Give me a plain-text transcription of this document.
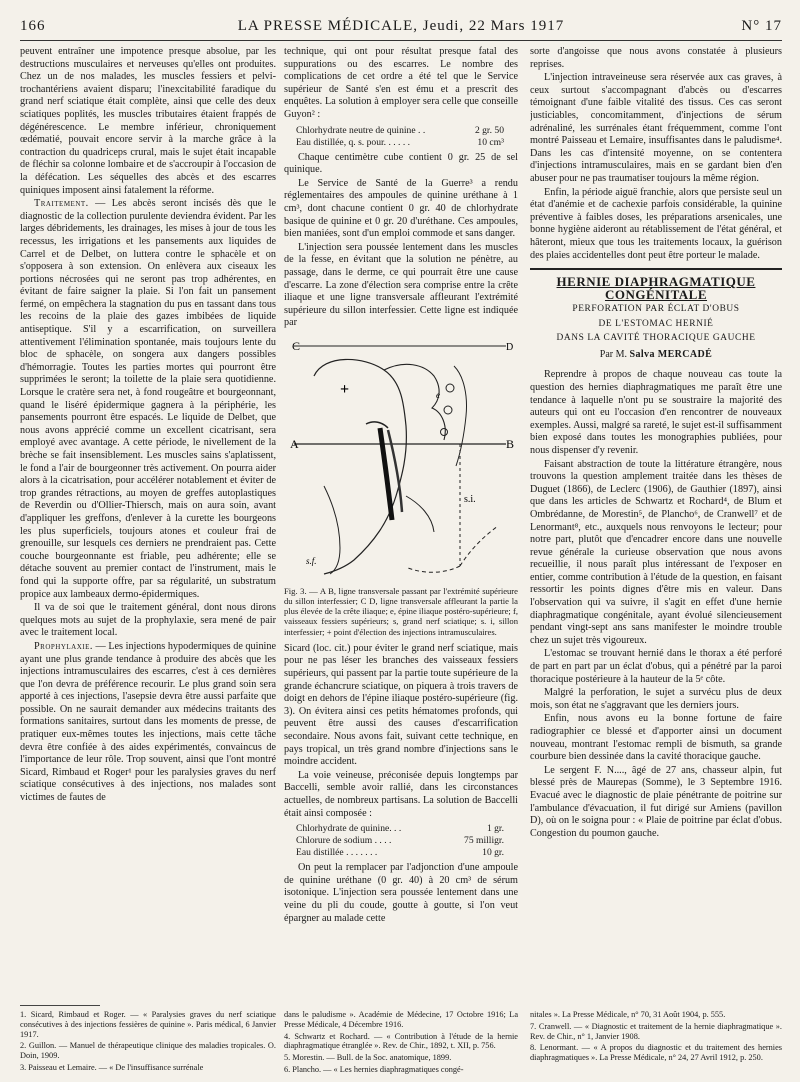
166	LA PRESSE MÉDICALE, Jeudi, 22 Mars 1917	N° 17

peuvent entraîner une impotence presque absolue, par les destructions musculaires et nerveuses qu'elles ont produites. Chez un de nos malades, les muscles fessiers et pelvi-trochantériens avaient disparu; l'inexcitabilité faradique du grand nerf sciatique était complète, ainsi que celle des deux sciatiques poplités, les muscles tributaires étaient frappés de dégénérescence. Le membre inférieur, chroniquement œdématié, pouvait encore servir à la marche grâce à la contraction du quadriceps crural, mais le sujet était incapable de fléchir sa colonne lombaire et de s'accroupir à l'occasion de la défécation. Les séquelles des abcès et des escarres quiniques imposent ainsi fatalement la réforme.

Traitement. — Les abcès seront incisés dès que le diagnostic de la collection purulente deviendra évident. Par les larges débridements, les drainages, les mises à jour de tous les recessus, les irrigations et les pansements aux liquides de Carrel et de Delbet, on luttera contre le sphacèle et on s'opposera à son extension. On enlèvera aux ciseaux les portions nécrosées qui ne seront pas trop adhérentes, en évitant de faire saigner la plaie. Si l'on fait un pansement fermé, on empêchera la stagnation du pus en tassant dans tous les recoins de la plaie des gazes imbibées de liquide antiseptique. S'il y a escarrification, on surveillera attentivement l'élimination spontanée, mais toujours lente du bloc de sphacèle, on songera aux dangers possibles d'hémorragie. Toutes les parties mortes qui pourront être supprimées le seront; la toilette de la plaie sera quotidienne. Lorsque le cratère sera net, à fond rougeâtre et bourgeonnant, quand le liséré épidermique gagnera à la périphérie, les pansements pourront être espacés. Le liquide de Delbet, que nous avons apprécié comme un excellent cicatrisant, sera employé avec avantage. A cette période, le nivellement de la brèche se fait insensiblement. Les muscles sains s'aplatissent, le fond a l'air de bourgeonner très activement. On pourra aider alors à la cicatrisation, pour accélérer notablement et éviter de trop grandes rétractions, au moyen de greffes autoplastiques de Reverdin ou d'Ollier-Thiersch, mais on aura soin, avant d'appliquer les greffons, d'enlever à la curette les bourgeons les plus superficiels, toujours atones et couleur frai de grenouille, sur lesquels ces derniers ne prendraient pas. Cette couche bourgeonnante est friable, peu adhérente; elle se détache souvent au premier contact de l'instrument, mais le fond qui la supporte offre, par sa régularité, un substratum propice aux lambeaux dermo-épidermiques.

Il va de soi que le traitement général, dont nous dirons quelques mots au sujet de la prophylaxie, sera mené de pair avec le traitement local.

Prophylaxie. — Les injections hypodermiques de quinine ayant une plus grande tendance à produire des abcès que les injections intramusculaires des escarres, c'est à ces dernières que l'on devra de préférence recourir. Le plus grand soin sera apporté à ces injections, l'asepsie devra être aussi parfaite que possible. On ne saurait demander aux médecins traitants des formations sanitaires, surtout dans les moments de presse, de pratiquer eux-mêmes toutes les injections, mais cette tâche devra être confiée à des aides expérimentés, convaincus de l'importance de leur rôle. Trop souvent, ainsi que l'ont montré Sicard, Rimbaud et Roger¹ pour les paralysies graves du nerf sciatique consécutives à des injections, nos malades sont victimes de fautes de

technique, qui ont pour résultat presque fatal des suppurations ou des escarres. Le nombre des complications de cet ordre a été tel que le Service supérieur de Santé s'en est ému et a prescrit des enquêtes. La solution à employer sera celle que conseille Guyon² :

Chlorhydrate neutre de quinine . .	2 gr. 50
Eau distillée, q. s. pour. . . . . .	10 cm³

Chaque centimètre cube contient 0 gr. 25 de sel quinique.

Le Service de Santé de la Guerre³ a rendu réglementaires des ampoules de quinine uréthane à 1 cm³, dont chacune contient 0 gr. 40 de chlorhydrate basique de quinine et 0 gr. 20 d'uréthane. Ces ampoules, bien maniées, sont d'un emploi commode et sans danger.

L'injection sera poussée lentement dans les muscles de la fesse, en évitant que la solution ne pénètre, au passage, dans le derme, ce qui pourrait être une cause d'escarre. La zone d'élection sera comprise entre la crête iliaque et une ligne transversale affleurant l'extrémité supérieure du sillon interfessier. Cette ligne est indiquée par

C	D
A	B
+
s.i.
e
s.f.
Fig. 3. — A B, ligne transversale passant par l'extrémité supérieure du sillon interfessier; C D, ligne transversale affleurant la partie la plus élevée de la crête iliaque; e, épine iliaque postéro-supérieure; f, vaisseaux fessiers supérieurs; s, grand nerf sciatique; s. i, sillon interfessier; + point d'élection des injections intramusculaires.

Sicard (loc. cit.) pour éviter le grand nerf sciatique, mais pour ne pas léser les branches des vaisseaux fessiers supérieurs, qui passent par la partie toute supérieure de la grande échancrure sciatique, on piquera à trois travers de doigt en dehors de l'épine iliaque postéro-supérieure (fig. 3). On évitera ainsi ces petits hématomes profonds, qui peuvent être aussi des causes d'escarrification secondaire. Nous avons fait, suivant cette technique, en pays tropical, un très grand nombre d'injections sans le moindre accident.

La voie veineuse, préconisée depuis longtemps par Baccelli, semble avoir rallié, dans les circonstances actuelles, de nombreux partisans. La solution de Baccelli était ainsi composée :

Chlorhydrate de quinine. . .	1 gr.
Chlorure de sodium . . . .	75 milligr.
Eau distillée . . . . . . .	10 gr.

On peut la remplacer par l'adjonction d'une ampoule de quinine uréthane (0 gr. 40) à 20 cm³ de sérum isotonique. L'injection sera poussée lentement dans une veine du pli du coude, goutte à goutte, si l'on veut épargner au malade cette

sorte d'angoisse que nous avons constatée à plusieurs reprises.

L'injection intraveineuse sera réservée aux cas graves, à ceux surtout s'accompagnant d'abcès ou d'escarres témoignant d'une faible vitalité des tissus. Ces cas seront justiciables, concomitamment, d'injections de sérum adrénaliné, les surrénales étant fréquemment, comme l'ont montré Paisseau et Lemaire, insuffisantes dans le paludisme⁴. Dans les cas d'intensité moyenne, on se contentera d'injections intramusculaires, mais en se gardant bien d'en abuser pour ne pas traumatiser toujours la même région.

Enfin, la période aiguë franchie, alors que persiste seul un état d'anémie et de cachexie parfois considérable, la quinine préventive à faibles doses, les préparations arsenicales, une bonne hygiène aideront au rétablissement de l'état général, et hâteront, mieux que tous les traitements locaux, la guérison des plaies accidentelles dont peut être porteur le malade.

HERNIE DIAPHRAGMATIQUE CONGÉNITALE
PERFORATION PAR ÉCLAT D'OBUS
DE L'ESTOMAC HERNIÉ
DANS LA CAVITÉ THORACIQUE GAUCHE
Par M. Salva MERCADÉ

Reprendre à propos de chaque nouveau cas toute la question des hernies diaphragmatiques me paraît être une tendance à laquelle n'ont pu se soustraire la majorité des auteurs qui ont eu l'occasion d'en rencontrer de nouveaux exemples. Aussi, malgré sa rareté, le sujet est-il suffisamment bien exposé dans toutes les monographies publiées, pour nous dispenser d'y revenir.

Faisant abstraction de toute la littérature étrangère, nous trouvons la question amplement traitée dans les thèses de Duguet (1866), de Leclerc (1906), de Gauthier (1897), ainsi que dans les articles de Schwartz et Rochard⁴, de Blum et Ombrédanne, de Morestin⁵, de Plancho⁶, de Cranwell⁷ et de Lenormant⁸, etc., auxquels nous renvoyons le lecteur; pour notre part, plutôt que d'encadrer encore dans une nouvelle revue générale la curieuse observation que nous avons recueillie, il nous paraît plus intéressant de l'exposer en entier, comme contribution à l'étude de la question, en faisant ressortir les points dignes d'être mis en valeur. Dans l'observation qui va suivre, il s'agit en effet d'une hernie diaphragmatique congénitale, ayant évolué silencieusement pendant vingt-sept ans sans manifester le moindre trouble chez un sujet très vigoureux.

L'estomac se trouvant hernié dans le thorax a été perforé de part en part par un éclat d'obus, qui a pénétré par la paroi thoracique postérieure à la hauteur de la 5ᵉ côte.

Malgré la perforation, le sujet a survécu plus de deux mois, son état ne s'aggravant que les derniers jours.

Enfin, nous avons eu la bonne fortune de faire radiographier ce blessé et d'apporter ainsi un document nouveau, montrant l'estomac rempli de bismuth, sa grande courbure bien dessinée dans la cavité thoracique gauche.

Le sergent F. N...., âgé de 27 ans, chasseur alpin, fut blessé près de Maurepas (Somme), le 3 Septembre 1916. Evacué avec le diagnostic de plaie pénétrante de poitrine sur l'ambulance d'évacuation, il fut dirigé sur Amiens (pavillon D), où on le soigna pour : « Plaie de poitrine par éclat d'obus. Congestion du poumon gauche.

1. Sicard, Rimbaud et Roger. — « Paralysies graves du nerf sciatique consécutives à des injections fessières de quinine ». Paris médical, 6 Janvier 1917.
2. Guillon. — Manuel de thérapeutique clinique des maladies tropicales. O. Doin, 1909.
3. Paisseau et Lemaire. — « De l'insuffisance surrénale
dans le paludisme ». Académie de Médecine, 17 Octobre 1916; La Presse Médicale, 4 Décembre 1916.
4. Schwartz et Rochard. — « Contribution à l'étude de la hernie diaphragmatique étranglée ». Rev. de Chir., 1892, t. XII, p. 756.
5. Morestin. — Bull. de la Soc. anatomique, 1899.
6. Plancho. — « Les hernies diaphragmatiques congé-
nitales ». La Presse Médicale, n° 70, 31 Août 1904, p. 555.
7. Cranwell. — « Diagnostic et traitement de la hernie diaphragmatique ». Rev. de Chir., n° 1, Janvier 1908.
8. Lenormant. — « A propos du diagnostic et du traitement des hernies diaphragmatiques ». La Presse Médicale, n° 24, 27 Avril 1912, p. 250.
